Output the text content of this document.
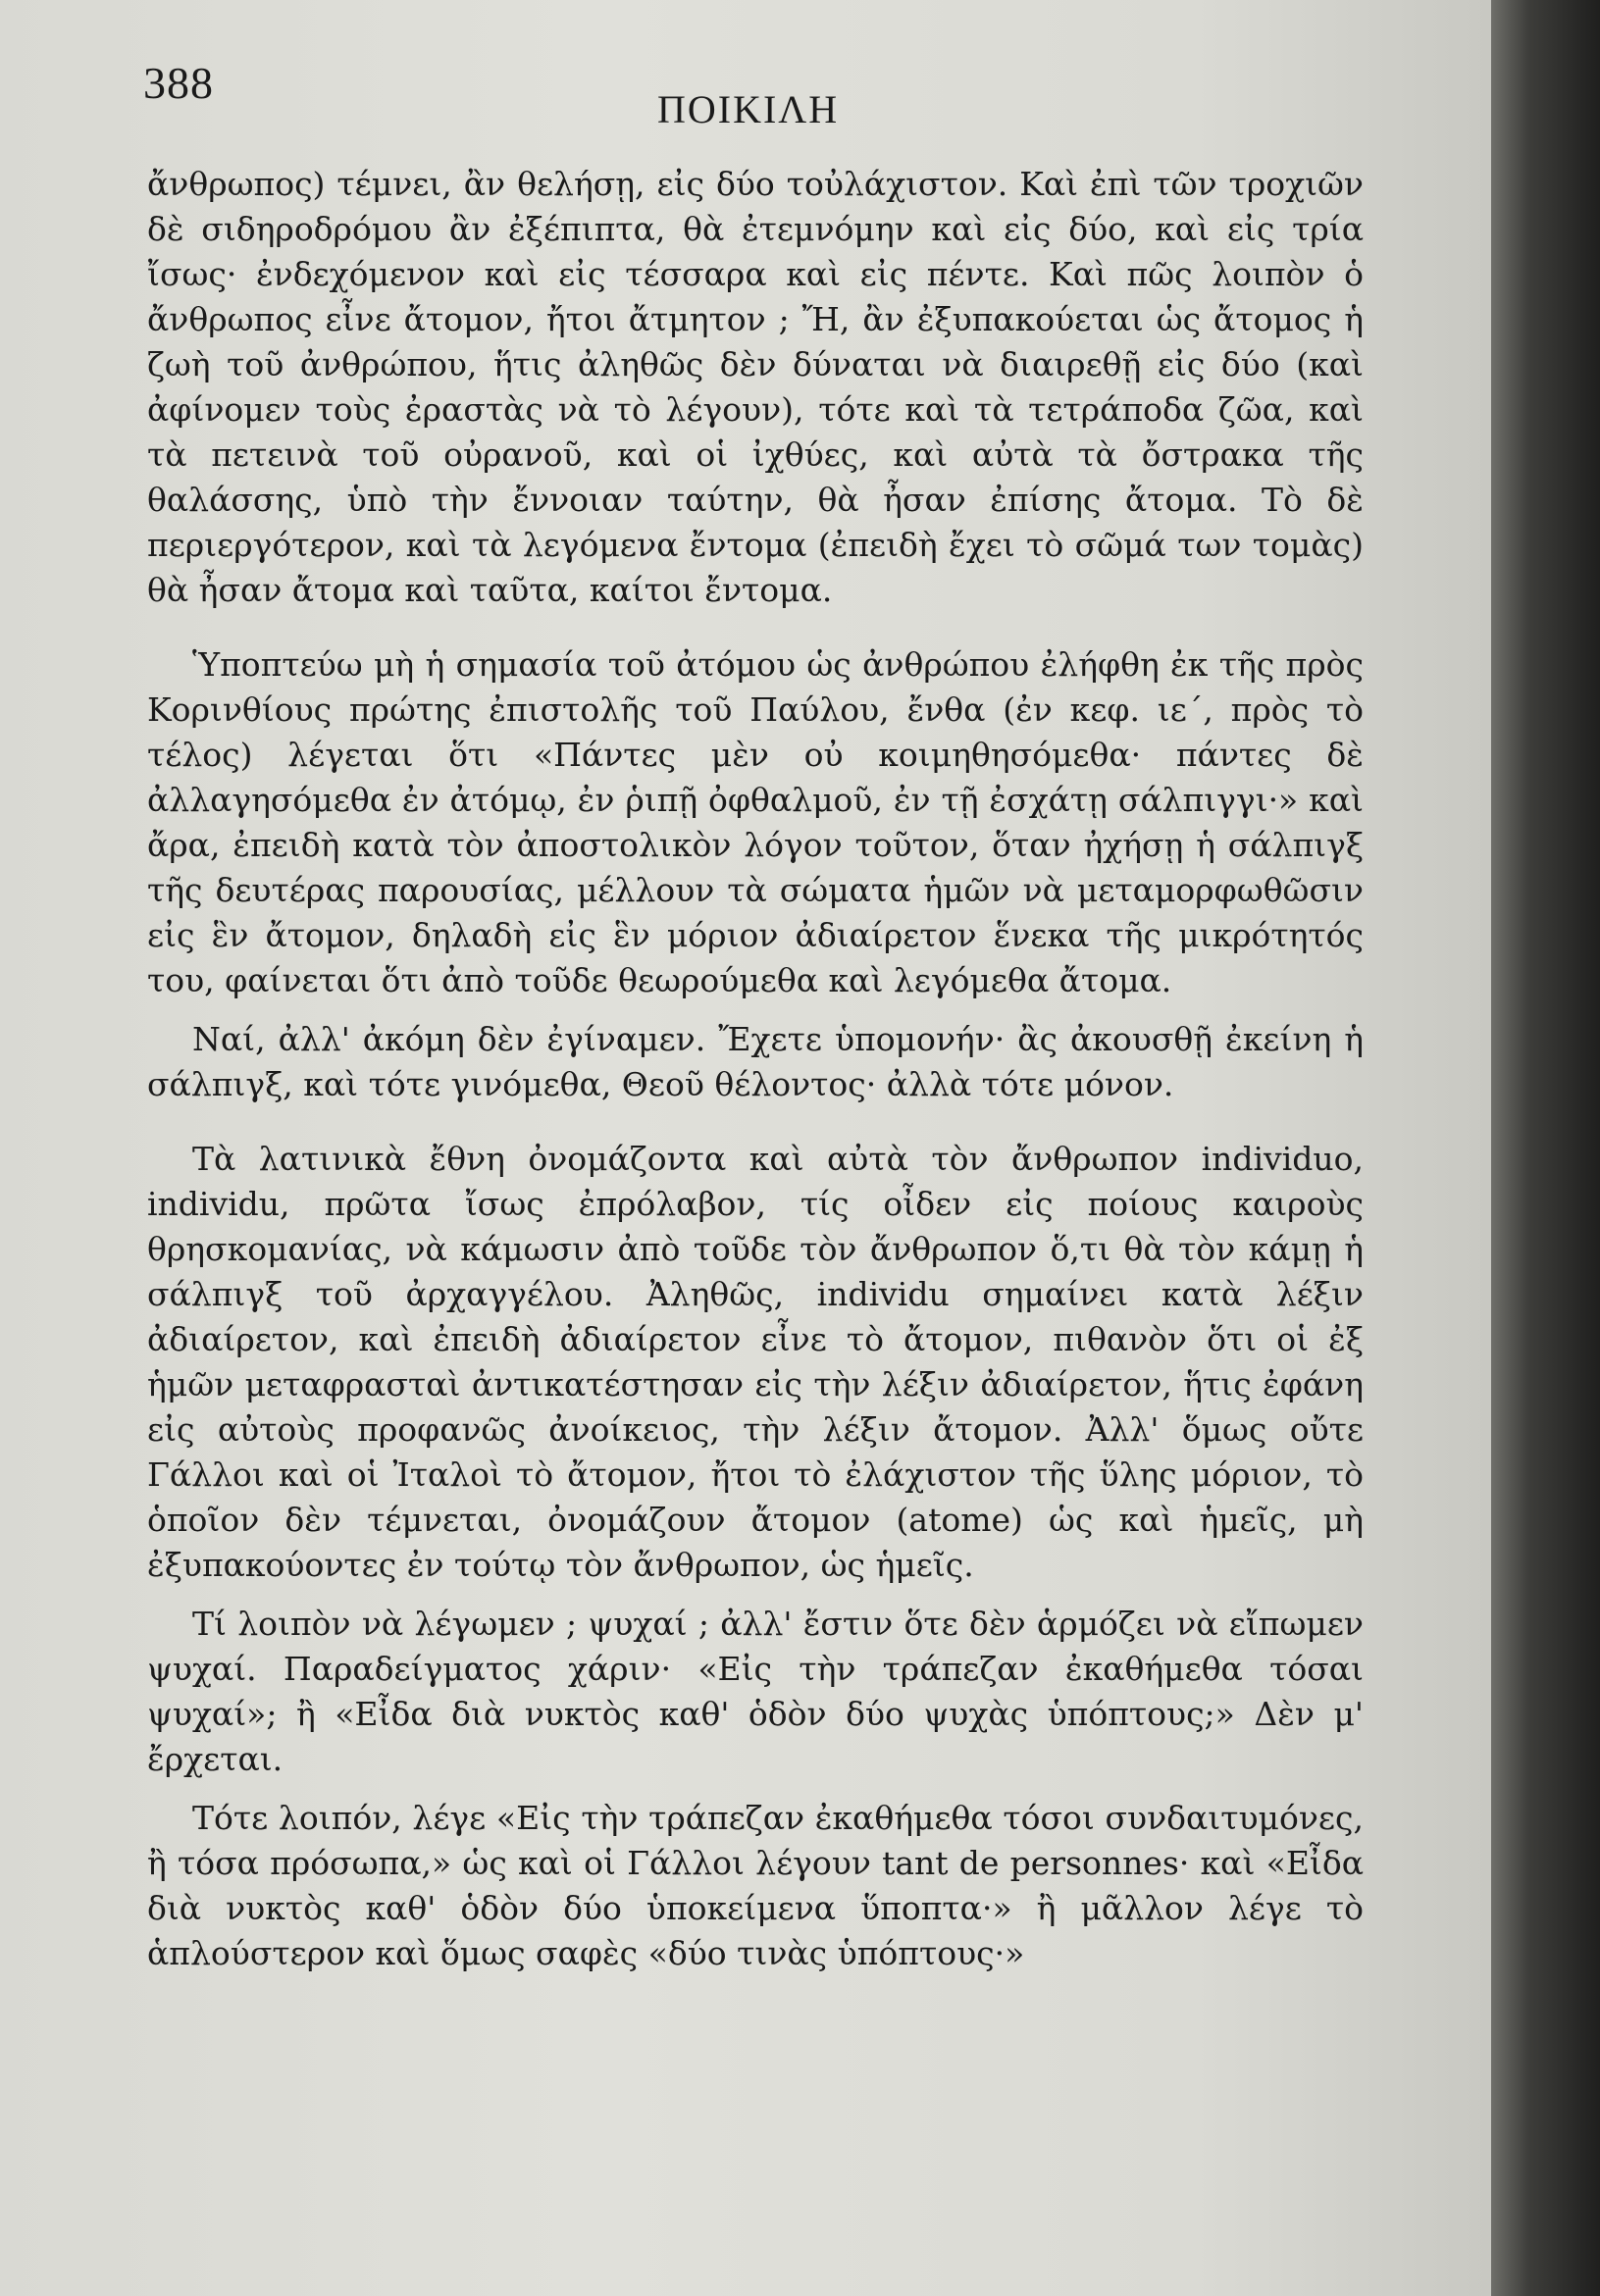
388
ΠΟΙΚΙΛΗ

ἄνθρωπος) τέμνει, ἂν θελήσῃ, εἰς δύο τοὐλάχιστον. Καὶ ἐπὶ τῶν τροχιῶν δὲ σιδηροδρόμου ἂν ἐξέπιπτα, θὰ ἐτεμνόμην καὶ εἰς δύο, καὶ εἰς τρία ἴσως· ἐνδεχόμενον καὶ εἰς τέσσαρα καὶ εἰς πέντε. Καὶ πῶς λοιπὸν ὁ ἄνθρωπος εἶνε ἄτομον, ἤτοι ἄτμητον ; Ἤ, ἂν ἐξυπακούεται ὡς ἄτομος ἡ ζωὴ τοῦ ἀνθρώπου, ἥτις ἀληθῶς δὲν δύναται νὰ διαιρεθῇ εἰς δύο (καὶ ἀφίνομεν τοὺς ἐραστὰς νὰ τὸ λέγουν), τότε καὶ τὰ τετράποδα ζῶα, καὶ τὰ πετεινὰ τοῦ οὐρανοῦ, καὶ οἱ ἰχθύες, καὶ αὐτὰ τὰ ὄστρακα τῆς θαλάσσης, ὑπὸ τὴν ἔννοιαν ταύτην, θὰ ἦσαν ἐπίσης ἄτομα. Τὸ δὲ περιεργότερον, καὶ τὰ λεγόμενα ἔντομα (ἐπειδὴ ἔχει τὸ σῶμά των τομὰς) θὰ ἦσαν ἄτομα καὶ ταῦτα, καίτοι ἔντομα.

Ὑποπτεύω μὴ ἡ σημασία τοῦ ἀτόμου ὡς ἀνθρώπου ἐλήφθη ἐκ τῆς πρὸς Κορινθίους πρώτης ἐπιστολῆς τοῦ Παύλου, ἔνθα (ἐν κεφ. ιε΄, πρὸς τὸ τέλος) λέγεται ὅτι «Πάντες μὲν οὐ κοιμηθησόμεθα· πάντες δὲ ἀλλαγησόμεθα ἐν ἀτόμῳ, ἐν ῥιπῇ ὀφθαλμοῦ, ἐν τῇ ἐσχάτῃ σάλπιγγι·» καὶ ἄρα, ἐπειδὴ κατὰ τὸν ἀποστολικὸν λόγον τοῦτον, ὅταν ἠχήσῃ ἡ σάλπιγξ τῆς δευτέρας παρουσίας, μέλλουν τὰ σώματα ἡμῶν νὰ μεταμορφωθῶσιν εἰς ἓν ἄτομον, δηλαδὴ εἰς ἓν μόριον ἀδιαίρετον ἕνεκα τῆς μικρότητός του, φαίνεται ὅτι ἀπὸ τοῦδε θεωρούμεθα καὶ λεγόμεθα ἄτομα.

Ναί, ἀλλ' ἀκόμη δὲν ἐγίναμεν. Ἔχετε ὑπομονήν· ἂς ἀκουσθῇ ἐκείνη ἡ σάλπιγξ, καὶ τότε γινόμεθα, Θεοῦ θέλοντος· ἀλλὰ τότε μόνον.

Τὰ λατινικὰ ἔθνη ὀνομάζοντα καὶ αὐτὰ τὸν ἄνθρωπον individuo, individu, πρῶτα ἴσως ἐπρόλαβον, τίς οἶδεν εἰς ποίους καιροὺς θρησκομανίας, νὰ κάμωσιν ἀπὸ τοῦδε τὸν ἄνθρωπον ὅ,τι θὰ τὸν κάμῃ ἡ σάλπιγξ τοῦ ἀρχαγγέλου. Ἀληθῶς, individu σημαίνει κατὰ λέξιν ἀδιαίρετον, καὶ ἐπειδὴ ἀδιαίρετον εἶνε τὸ ἄτομον, πιθανὸν ὅτι οἱ ἐξ ἡμῶν μεταφρασταὶ ἀντικατέστησαν εἰς τὴν λέξιν ἀδιαίρετον, ἥτις ἐφάνη εἰς αὐτοὺς προφανῶς ἀνοίκειος, τὴν λέξιν ἄτομον. Ἀλλ' ὅμως οὔτε Γάλλοι καὶ οἱ Ἰταλοὶ τὸ ἄτομον, ἤτοι τὸ ἐλάχιστον τῆς ὕλης μόριον, τὸ ὁποῖον δὲν τέμνεται, ὀνομάζουν ἄτομον (atome) ὡς καὶ ἡμεῖς, μὴ ἐξυπακούοντες ἐν τούτῳ τὸν ἄνθρωπον, ὡς ἡμεῖς.

Τί λοιπὸν νὰ λέγωμεν ; ψυχαί ; ἀλλ' ἔστιν ὅτε δὲν ἁρμόζει νὰ εἴπωμεν ψυχαί. Παραδείγματος χάριν· «Εἰς τὴν τράπεζαν ἐκαθήμεθα τόσαι ψυχαί»; ἢ «Εἶδα διὰ νυκτὸς καθ' ὁδὸν δύο ψυχὰς ὑπόπτους;» Δὲν μ' ἔρχεται.

Τότε λοιπόν, λέγε «Εἰς τὴν τράπεζαν ἐκαθήμεθα τόσοι συνδαιτυμόνες, ἢ τόσα πρόσωπα,» ὡς καὶ οἱ Γάλλοι λέγουν tant de personnes· καὶ «Εἶδα διὰ νυκτὸς καθ' ὁδὸν δύο ὑποκείμενα ὕποπτα·» ἢ μᾶλλον λέγε τὸ ἁπλούστερον καὶ ὅμως σαφὲς «δύο τινὰς ὑπόπτους·»
